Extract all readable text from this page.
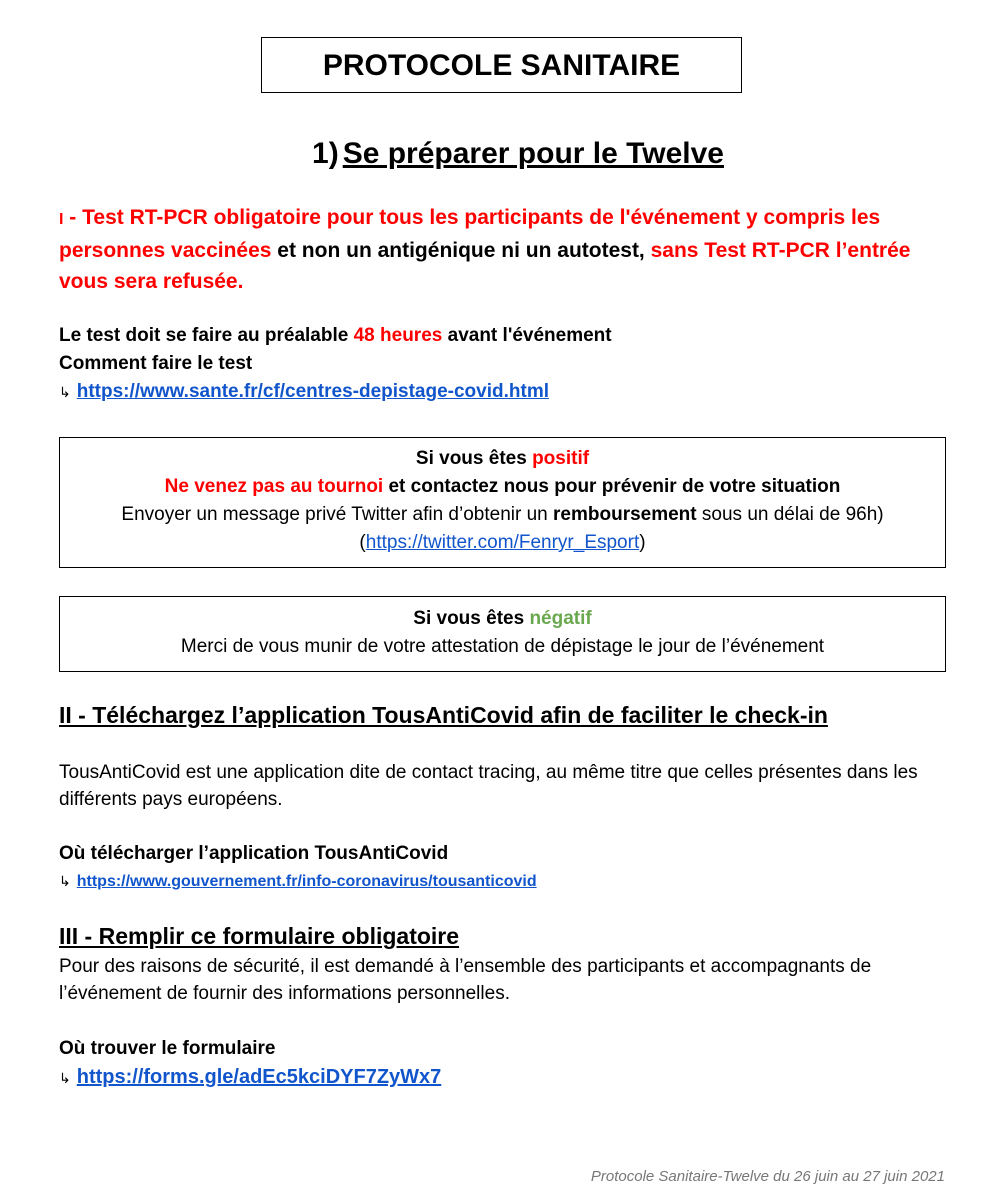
PROTOCOLE SANITAIRE
1) Se préparer pour le Twelve
I - Test RT-PCR obligatoire pour tous les participants de l'événement y compris les personnes vaccinées et non un antigénique ni un autotest, sans Test RT-PCR l’entrée vous sera refusée.
Le test doit se faire au préalable 48 heures avant l'événement
Comment faire le test
↳ https://www.sante.fr/cf/centres-depistage-covid.html
Si vous êtes positif
Ne venez pas au tournoi et contactez nous pour prévenir de votre situation
Envoyer un message privé Twitter afin d’obtenir un remboursement sous un délai de 96h)
(https://twitter.com/Fenryr_Esport)
Si vous êtes négatif
Merci de vous munir de votre attestation de dépistage le jour de l’événement
II - Téléchargez l’application TousAntiCovid afin de faciliter le check-in
TousAntiCovid est une application dite de contact tracing, au même titre que celles présentes dans les différents pays européens.
Où télécharger l’application TousAntiCovid
↳ https://www.gouvernement.fr/info-coronavirus/tousanticovid
III - Remplir ce formulaire obligatoire
Pour des raisons de sécurité, il est demandé à l’ensemble des participants et accompagnants de l’événement de fournir des informations personnelles.
Où trouver le formulaire
↳ https://forms.gle/adEc5kciDYF7ZyWx7
Protocole Sanitaire-Twelve du 26 juin au 27 juin 2021
